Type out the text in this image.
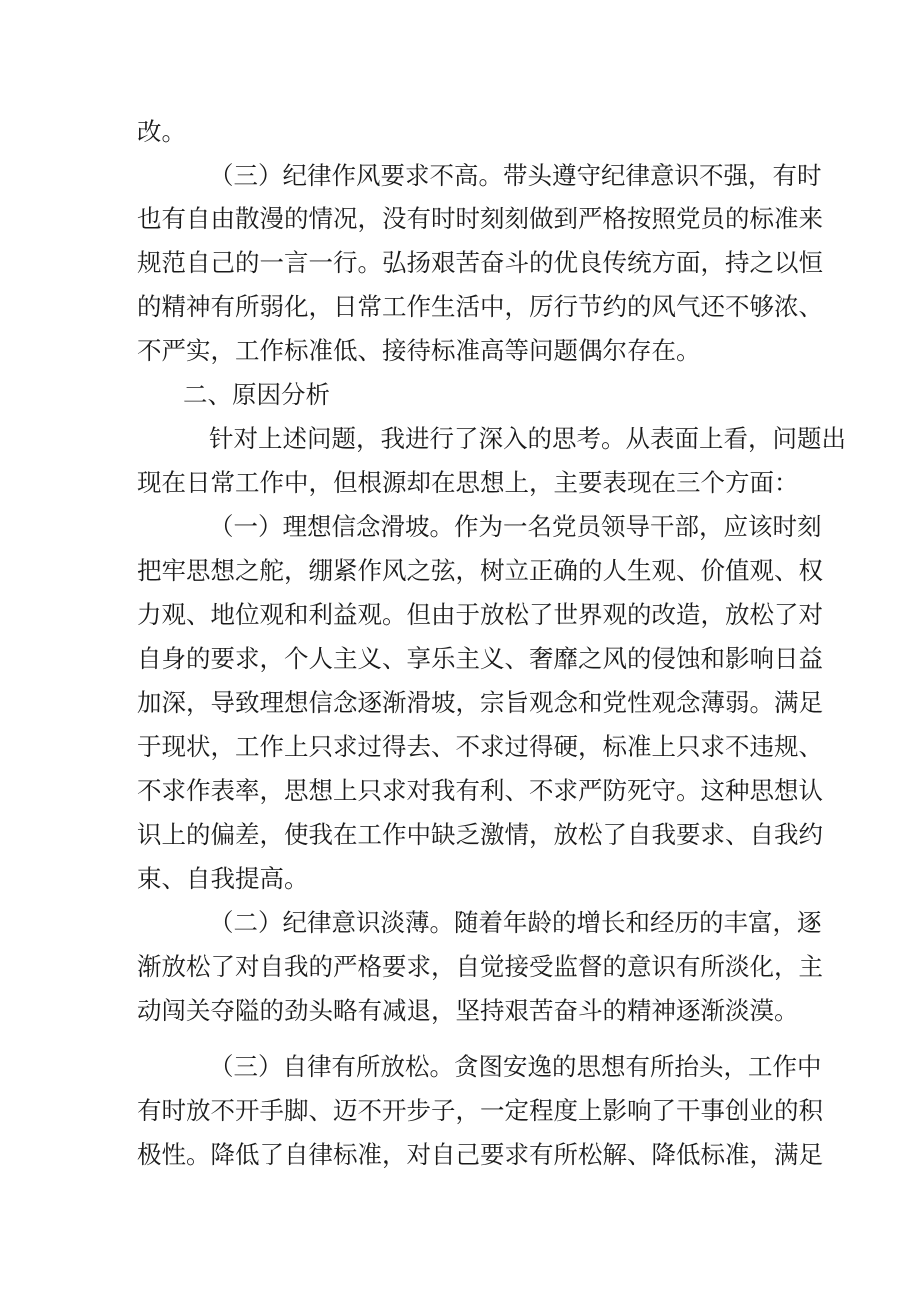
改。
（三）纪律作风要求不高。带头遵守纪律意识不强，有时
也有自由散漫的情况，没有时时刻刻做到严格按照党员的标准来
规范自己的一言一行。弘扬艰苦奋斗的优良传统方面，持之以恒
的精神有所弱化，日常工作生活中，厉行节约的风气还不够浓、
不严实，工作标准低、接待标准高等问题偶尔存在。
二、原因分析
针对上述问题，我进行了深入的思考。从表面上看，问题出
现在日常工作中，但根源却在思想上，主要表现在三个方面：
（一）理想信念滑坡。作为一名党员领导干部，应该时刻
把牢思想之舵，绷紧作风之弦，树立正确的人生观、价值观、权
力观、地位观和利益观。但由于放松了世界观的改造，放松了对
自身的要求，个人主义、享乐主义、奢靡之风的侵蚀和影响日益
加深，导致理想信念逐渐滑坡，宗旨观念和党性观念薄弱。满足
于现状，工作上只求过得去、不求过得硬，标准上只求不违规、
不求作表率，思想上只求对我有利、不求严防死守。这种思想认
识上的偏差，使我在工作中缺乏激情，放松了自我要求、自我约
束、自我提高。
（二）纪律意识淡薄。随着年龄的增长和经历的丰富，逐
渐放松了对自我的严格要求，自觉接受监督的意识有所淡化，主
动闯关夺隘的劲头略有减退，坚持艰苦奋斗的精神逐渐淡漠。
（三）自律有所放松。贪图安逸的思想有所抬头，工作中
有时放不开手脚、迈不开步子，一定程度上影响了干事创业的积
极性。降低了自律标准，对自己要求有所松解、降低标准，满足
